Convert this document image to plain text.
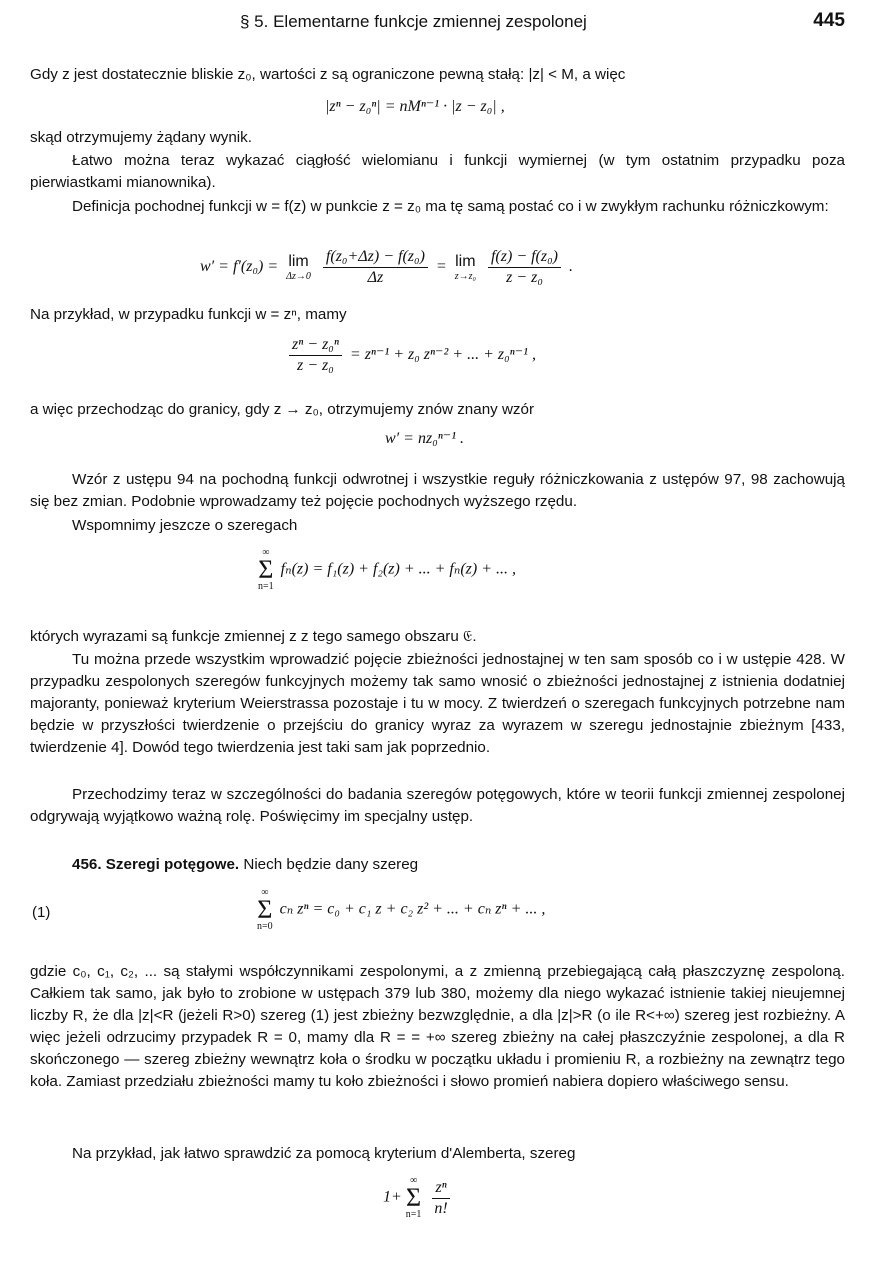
§ 5. Elementarne funkcje zmiennej zespolonej	445

Gdy z jest dostatecznie bliskie z₀, wartości z są ograniczone pewną stałą: |z| < M, a więc

|zⁿ − z₀ⁿ| = nMⁿ⁻¹ · |z − z₀| ,

skąd otrzymujemy żądany wynik.

Łatwo można teraz wykazać ciągłość wielomianu i funkcji wymiernej (w tym ostatnim przypadku poza pierwiastkami mianownika).

Definicja pochodnej funkcji w = f(z) w punkcie z = z₀ ma tę samą postać co i w zwykłym rachunku różniczkowym:

w′ = f′(z₀) = lim
Δz→0
$\frac{\text{f(z₀+Δz) − f(z₀)}}{\Delta z} = \lim$
z→z₀
$\frac{\text{f(z) − f(z₀)}}{\text{z − z₀}}$ .

Na przykład, w przypadku funkcji w = zⁿ, mamy

$\frac{\text{zⁿ − z₀ⁿ}}{\text{z − z₀}} = z^{n-1} + z_0$ zⁿ⁻² + ... + z₀ⁿ⁻¹ ,

a więc przechodząc do granicy, gdy z → z₀, otrzymujemy znów znany wzór

w′ = nz₀ⁿ⁻¹ .

Wzór z ustępu 94 na pochodną funkcji odwrotnej i wszystkie reguły różniczkowania z ustępów 97, 98 zachowują się bez zmian. Podobnie wprowadzamy też pojęcie pochodnych wyższego rzędu.

Wspomnimy jeszcze o szeregach

∞
Σ
n=1
fₙ(z) = f₁(z) + f₂(z) + ... + fₙ(z) + ... ,

których wyrazami są funkcje zmiennej z z tego samego obszaru 𝔈.

Tu można przede wszystkim wprowadzić pojęcie zbieżności jednostajnej w ten sam sposób co i w ustępie 428. W przypadku zespolonych szeregów funkcyjnych możemy tak samo wnosić o zbieżności jednostajnej z istnienia dodatniej majoranty, ponieważ kryterium Weierstrassa pozostaje i tu w mocy. Z twierdzeń o szeregach funkcyjnych potrzebne nam będzie w przyszłości twierdzenie o przejściu do granicy wyraz za wyrazem w szeregu jednostajnie zbieżnym [433, twierdzenie 4]. Dowód tego twierdzenia jest taki sam jak poprzednio.

Przechodzimy teraz w szczególności do badania szeregów potęgowych, które w teorii funkcji zmiennej zespolonej odgrywają wyjątkowo ważną rolę. Poświęcimy im specjalny ustęp.

456. Szeregi potęgowe. Niech będzie dany szereg

(1)
∞
Σ
n=0
cₙ zⁿ = c₀ + c₁ z + c₂ z² + ... + cₙ zⁿ + ... ,

gdzie c₀, c₁, c₂, ... są stałymi współczynnikami zespolonymi, a z zmienną przebiegającą całą płaszczyznę zespoloną. Całkiem tak samo, jak było to zrobione w ustępach 379 lub 380, możemy dla niego wykazać istnienie takiej nieujemnej liczby R, że dla |z|<R (jeżeli R>0) szereg (1) jest zbieżny bezwzględnie, a dla |z|>R (o ile R<+∞) szereg jest rozbieżny. A więc jeżeli odrzucimy przypadek R = 0, mamy dla R = = +∞ szereg zbieżny na całej płaszczyźnie zespolonej, a dla R skończonego — szereg zbieżny wewnątrz koła o środku w początku układu i promieniu R, a rozbieżny na zewnątrz tego koła. Zamiast przedziału zbieżności mamy tu koło zbieżności i słowo promień nabiera dopiero właściwego sensu.

Na przykład, jak łatwo sprawdzić za pomocą kryterium d'Alemberta, szereg

1+
∞
Σ
n=1
$\frac{\text{zⁿ}}{n!}$
